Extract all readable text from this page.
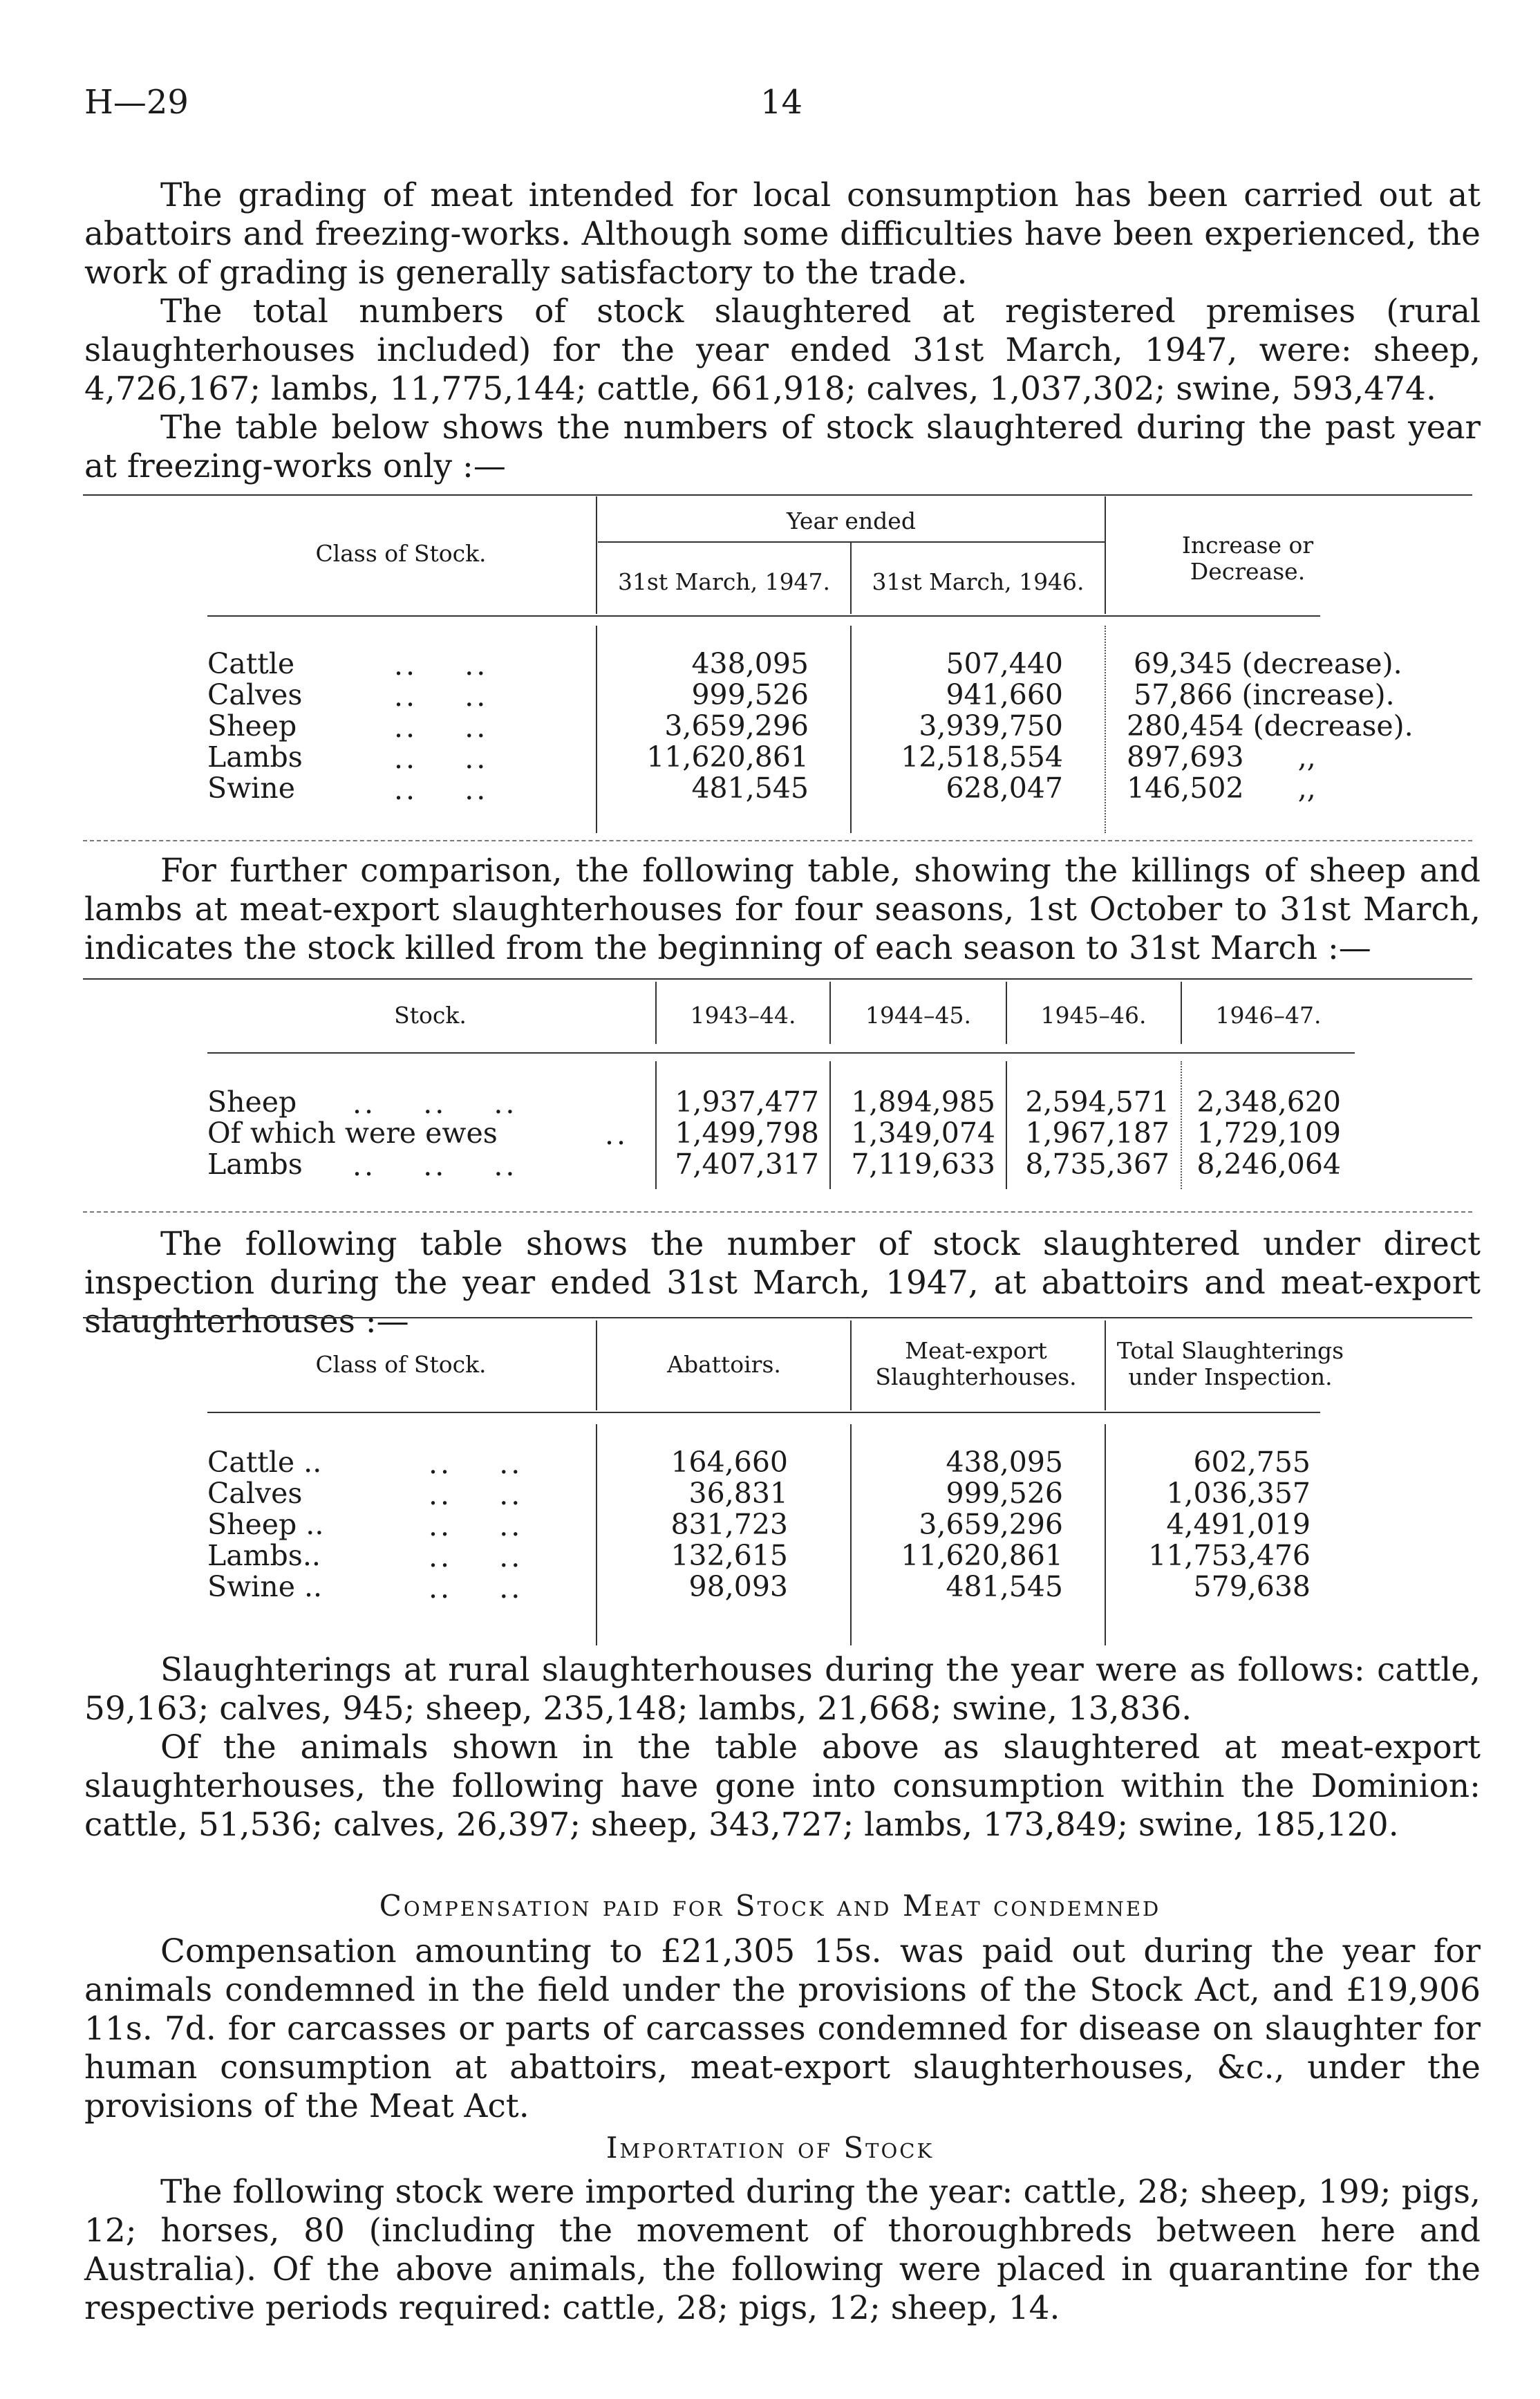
H—29	14

The grading of meat intended for local consumption has been carried out at abattoirs and freezing-works. Although some difficulties have been experienced, the work of grading is generally satisfactory to the trade.

The total numbers of stock slaughtered at registered premises (rural slaughterhouses included) for the year ended 31st March, 1947, were: sheep, 4,726,167; lambs, 11,775,144; cattle, 661,918; calves, 1,037,302; swine, 593,474.

The table below shows the numbers of stock slaughtered during the past year at freezing-works only :—

Class of Stock.
Year ended
31st March, 1947.	31st March, 1946.
Increase or Decrease.
Cattle	..    ..	438,095	507,440 69,345 (decrease).
Calves	..    ..	999,526	941,660 57,866 (increase).
Sheep	..    ..	3,659,296	3,939,750 280,454 (decrease).
Lambs	..    ..	11,620,861	12,518,554 897,693      ,,
Swine	..    ..	481,545	628,047 146,502      ,,

For further comparison, the following table, showing the killings of sheep and lambs at meat-export slaughterhouses for four seasons, 1st October to 31st March, indicates the stock killed from the beginning of each season to 31st March :—

Stock.	1943–44.	1944–45.	1945–46.	1946–47.
Sheep ..    ..    ..	1,937,477	1,894,985	2,594,571 2,348,620
Of which were ewes	..	1,499,798	1,349,074	1,967,187 1,729,109
Lambs ..    ..    ..	7,407,317	7,119,633	8,735,367 8,246,064

The following table shows the number of stock slaughtered under direct inspection during the year ended 31st March, 1947, at abattoirs and meat-export slaughterhouses :—

Class of Stock.	Abattoirs.
Meat-export Slaughterhouses.
Total Slaughterings under Inspection.
Cattle ..	..    ..	164,660	438,095	602,755
Calves	..    ..	36,831	999,526	1,036,357
Sheep ..	..    ..	831,723	3,659,296	4,491,019
Lambs..	..    ..	132,615	11,620,861	11,753,476
Swine ..	..    ..	98,093	481,545	579,638

Slaughterings at rural slaughterhouses during the year were as follows: cattle, 59,163; calves, 945; sheep, 235,148; lambs, 21,668; swine, 13,836.

Of the animals shown in the table above as slaughtered at meat-export slaughterhouses, the following have gone into consumption within the Dominion: cattle, 51,536; calves, 26,397; sheep, 343,727; lambs, 173,849; swine, 185,120.

Compensation paid for Stock and Meat condemned

Compensation amounting to £21,305 15s. was paid out during the year for animals condemned in the field under the provisions of the Stock Act, and £19,906 11s. 7d. for carcasses or parts of carcasses condemned for disease on slaughter for human consumption at abattoirs, meat-export slaughterhouses, &c., under the provisions of the Meat Act.

Importation of Stock

The following stock were imported during the year: cattle, 28; sheep, 199; pigs, 12; horses, 80 (including the movement of thoroughbreds between here and Australia). Of the above animals, the following were placed in quarantine for the respective periods required: cattle, 28; pigs, 12; sheep, 14.
